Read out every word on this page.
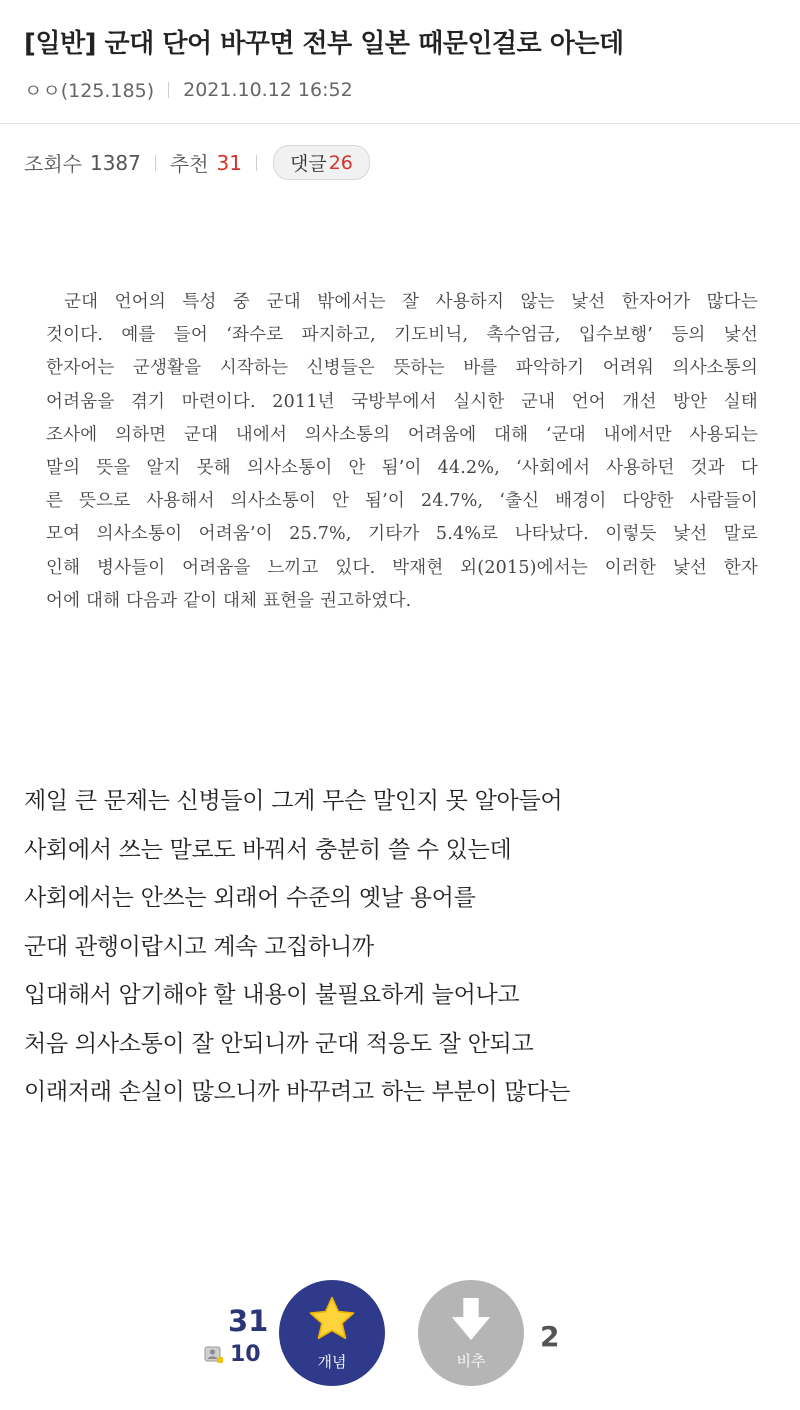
[일반] 군대 단어 바꾸면 전부 일본 때문인걸로 아는데
ㅇㅇ(125.185) 2021.10.12 16:52
조회수 1387 추천 31	댓글 26
군대 언어의 특성 중 군대 밖에서는 잘 사용하지 않는 낯선 한자어가 많다는
것이다. 예를 들어 ‘좌수로 파지하고, 기도비닉, 촉수엄금, 입수보행’ 등의 낯선
한자어는 군생활을 시작하는 신병들은 뜻하는 바를 파악하기 어려워 의사소통의
어려움을 겪기 마련이다. 2011년 국방부에서 실시한 군내 언어 개선 방안 실태
조사에 의하면 군대 내에서 의사소통의 어려움에 대해 ‘군대 내에서만 사용되는
말의 뜻을 알지 못해 의사소통이 안 됨’이 44.2%, ‘사회에서 사용하던 것과 다
른 뜻으로 사용해서 의사소통이 안 됨’이 24.7%, ‘출신 배경이 다양한 사람들이
모여 의사소통이 어려움’이 25.7%, 기타가 5.4%로 나타났다. 이렇듯 낯선 말로
인해 병사들이 어려움을 느끼고 있다. 박재현 외(2015)에서는 이러한 낯선 한자
어에 대해 다음과 같이 대체 표현을 권고하였다.
제일 큰 문제는 신병들이 그게 무슨 말인지 못 알아들어
사회에서 쓰는 말로도 바꿔서 충분히 쓸 수 있는데
사회에서는 안쓰는 외래어 수준의 옛날 용어를
군대 관행이랍시고 계속 고집하니까
입대해서 암기해야 할 내용이 불필요하게 늘어나고
처음 의사소통이 잘 안되니까 군대 적응도 잘 안되고
이래저래 손실이 많으니까 바꾸려고 하는 부분이 많다는
31
10	개념	비추
2
